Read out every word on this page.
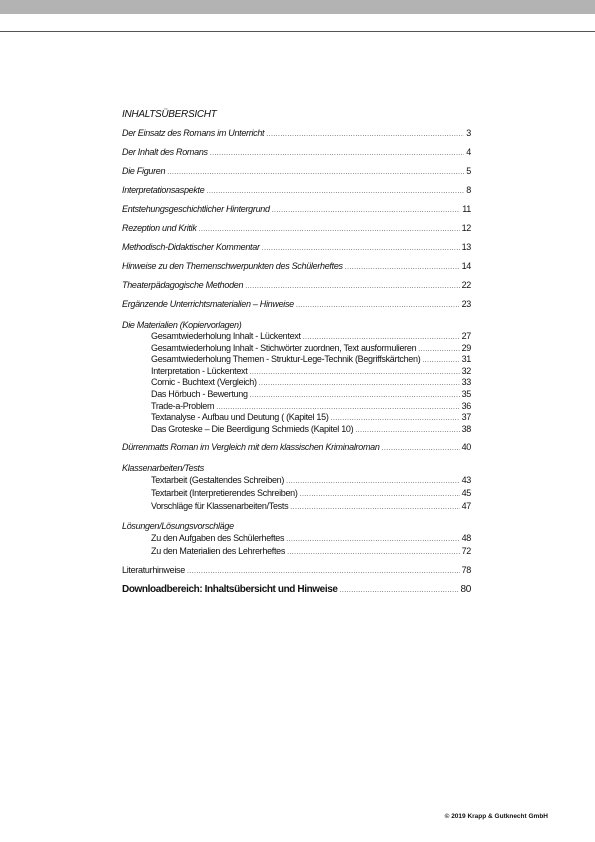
INHALTSÜBERSICHT
Der Einsatz des Romans im Unterricht .....	3
Der Inhalt des Romans .....	4
Die Figuren .....	5
Interpretationsaspekte .....	8
Entstehungsgeschichtlicher Hintergrund .....	11
Rezeption und Kritik .....	12
Methodisch-Didaktischer Kommentar .....	13
Hinweise zu den Themenschwerpunkten des Schülerheftes .....	14
Theaterpädagogische Methoden .....	22
Ergänzende Unterrichtsmaterialien – Hinweise .....	23
Die Materialien (Kopiervorlagen)
Gesamtwiederholung Inhalt - Lückentext .....	27
Gesamtwiederholung Inhalt - Stichwörter zuordnen, Text ausformulieren .....	29
Gesamtwiederholung Themen - Struktur-Lege-Technik (Begriffskärtchen) .....	31
Interpretation - Lückentext .....	32
Comic - Buchtext (Vergleich) .....	33
Das Hörbuch - Bewertung .....	35
Trade-a-Problem .....	36
Textanalyse - Aufbau und Deutung ( (Kapitel 15) .....	37
Das Groteske – Die Beerdigung Schmieds (Kapitel 10) .....	38
Dürrenmatts Roman im Vergleich mit dem klassischen Kriminalroman .....	40
Klassenarbeiten/Tests
Textarbeit (Gestaltendes Schreiben) .....	43
Textarbeit (Interpretierendes Schreiben) .....	45
Vorschläge für Klassenarbeiten/Tests .....	47
Lösungen/Lösungsvorschläge
Zu den Aufgaben des Schülerheftes .....	48
Zu den Materialien des Lehrerheftes .....	72
Literaturhinweise .....	78
Downloadbereich: Inhaltsübersicht und Hinweise .....	80
© 2019 Krapp & Gutknecht GmbH
